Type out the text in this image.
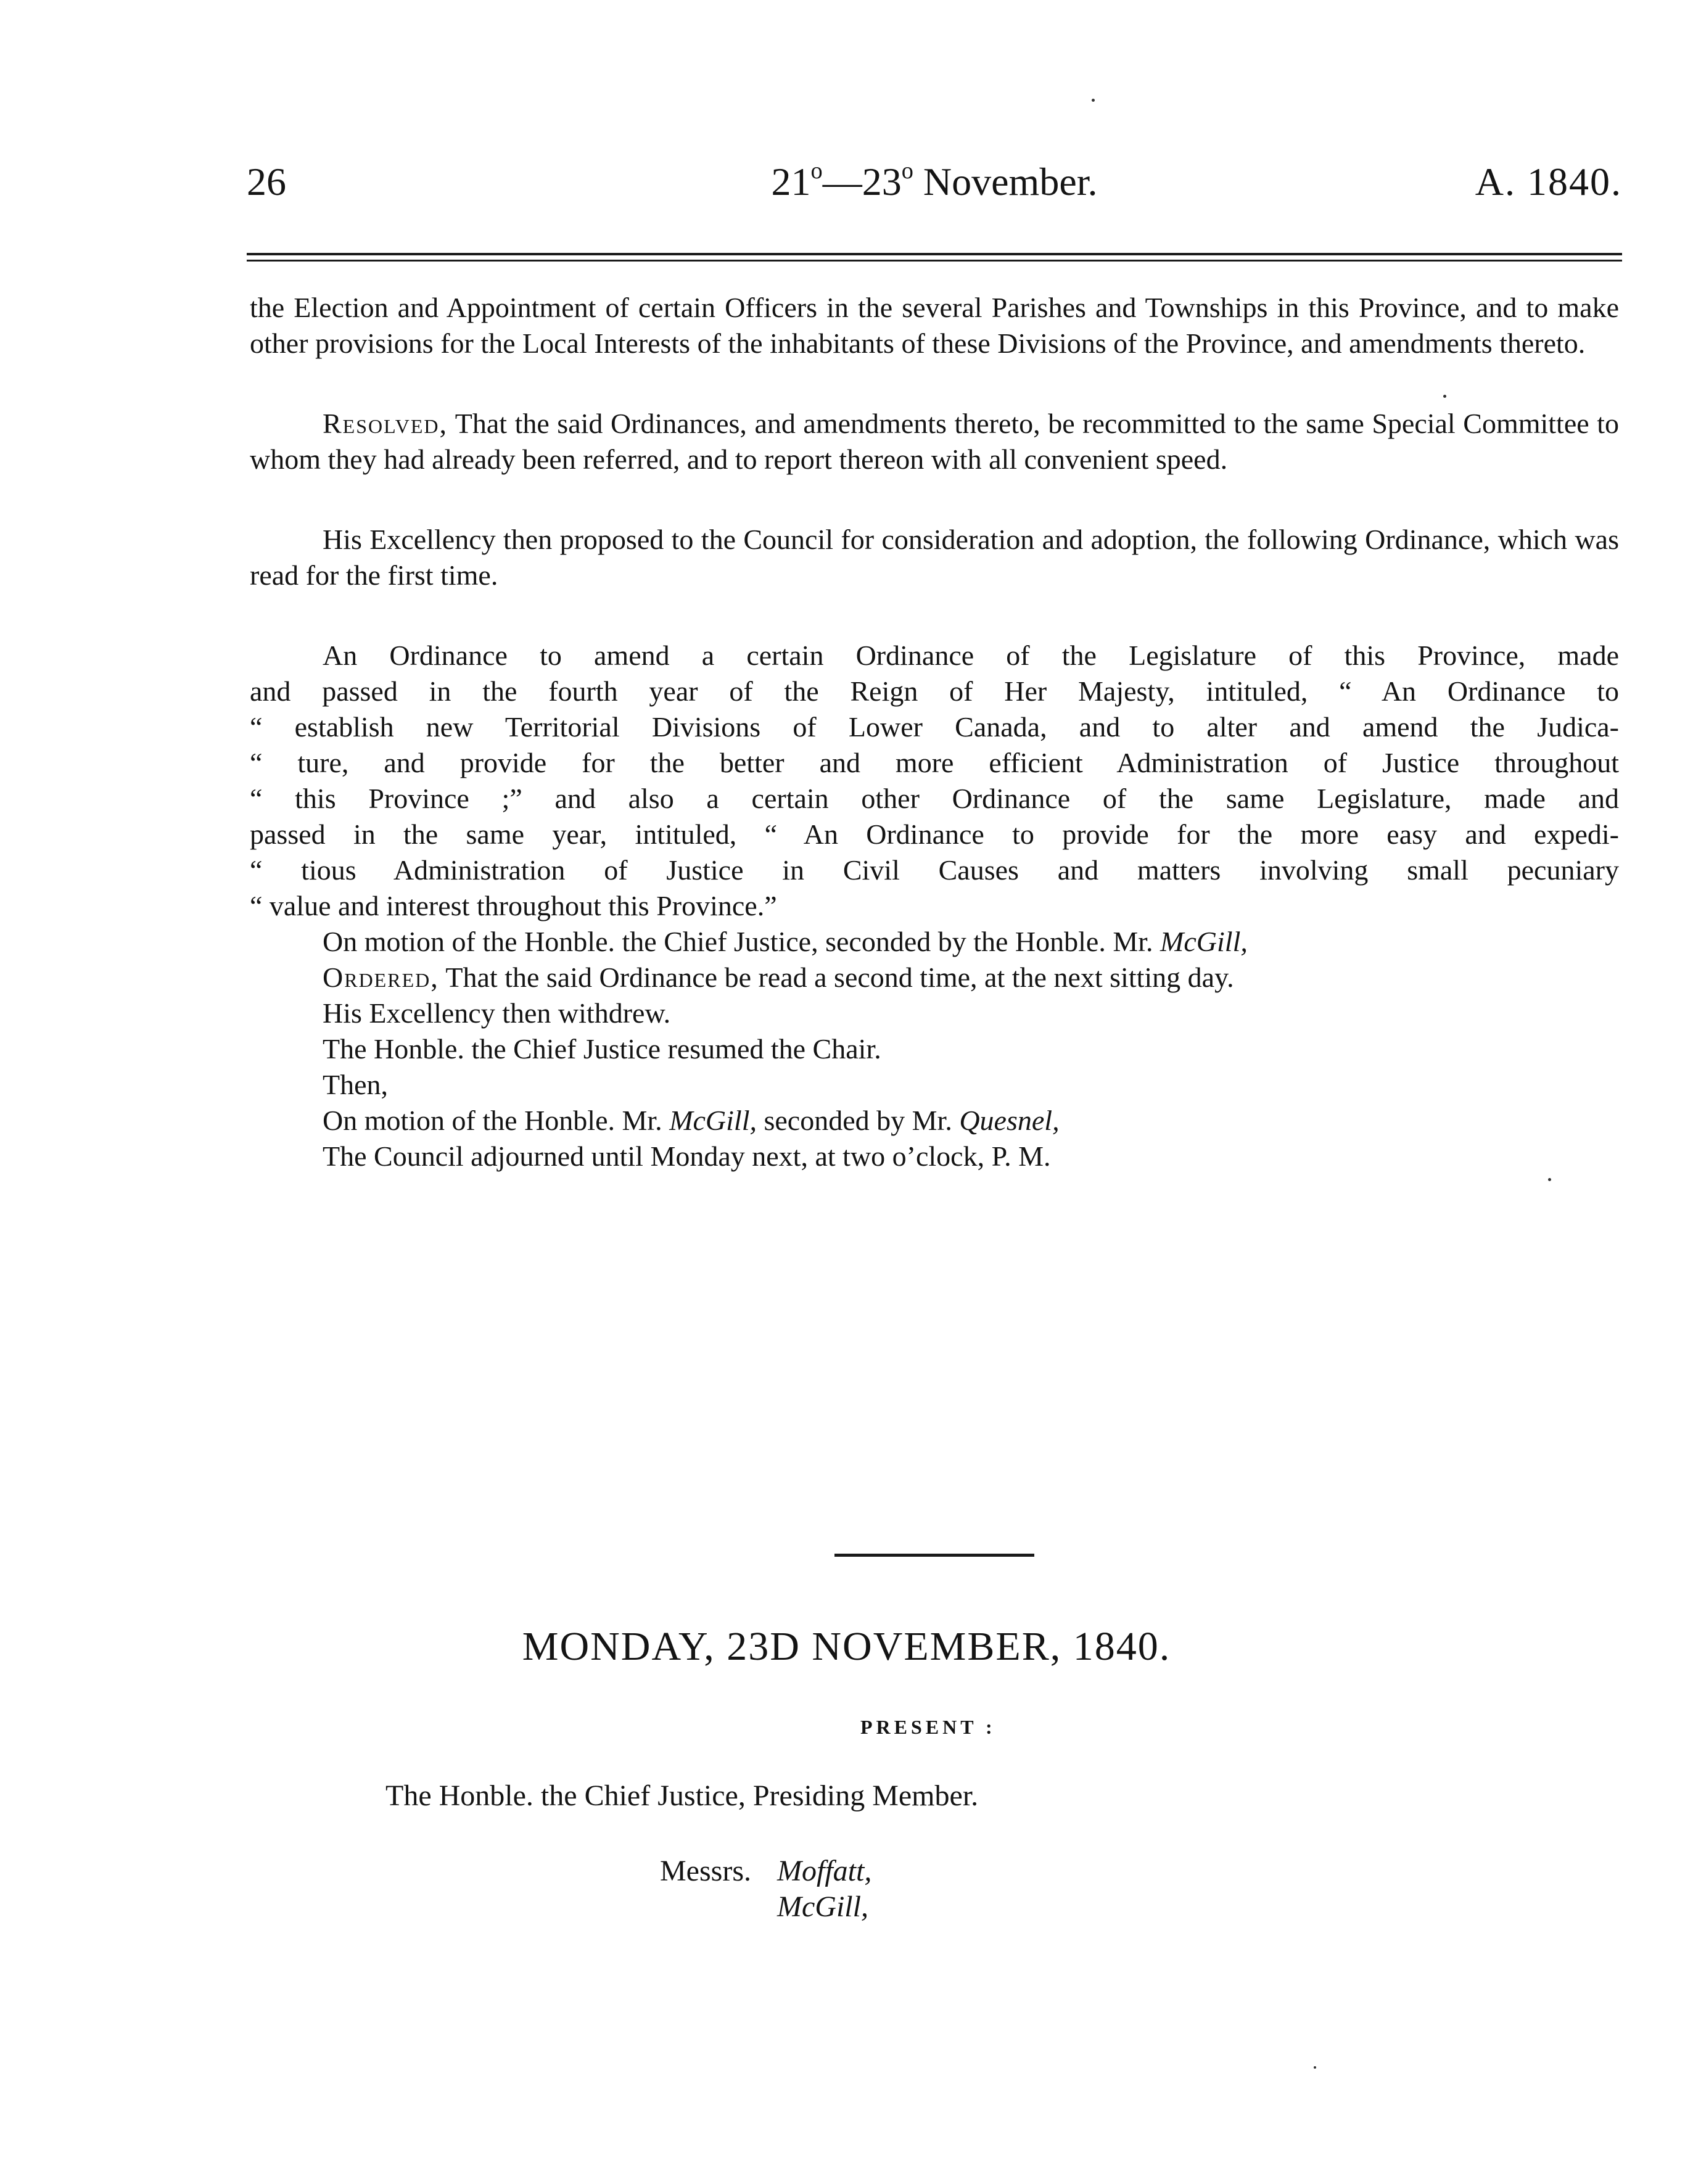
26	21$^o$—23$^o$ November.	A. 1840.

the Election and Appointment of certain Officers in the several Parishes and Townships in this Province, and to make other provisions for the Local Interests of the inhabitants of these Divisions of the Province, and amendments thereto.

Resolved, That the said Ordinances, and amendments thereto, be recommitted to the same Special Committee to whom they had already been referred, and to report thereon with all convenient speed.

His Excellency then proposed to the Council for consideration and adoption, the following Ordinance, which was read for the first time.

An Ordinance to amend a certain Ordinance of the Legislature of this Province, made
and passed in the fourth year of the Reign of Her Majesty, intituled, “ An Ordinance to
“ establish new Territorial Divisions of Lower Canada, and to alter and amend the Judica-
“ ture, and provide for the better and more efficient Administration of Justice throughout
“ this Province ;” and also a certain other Ordinance of the same Legislature, made and
passed in the same year, intituled, “ An Ordinance to provide for the more easy and expedi-
“ tious Administration of Justice in Civil Causes and matters involving small pecuniary
“ value and interest throughout this Province.”

On motion of the Honble. the Chief Justice, seconded by the Honble. Mr. McGill,

Ordered, That the said Ordinance be read a second time, at the next sitting day.

His Excellency then withdrew.

The Honble. the Chief Justice resumed the Chair.

Then,

On motion of the Honble. Mr. McGill, seconded by Mr. Quesnel,

The Council adjourned until Monday next, at two o’clock, P. M.

MONDAY, 23D NOVEMBER, 1840.
PRESENT :
The Honble. the Chief Justice, Presiding Member.
Messrs. Moffatt,
McGill,
